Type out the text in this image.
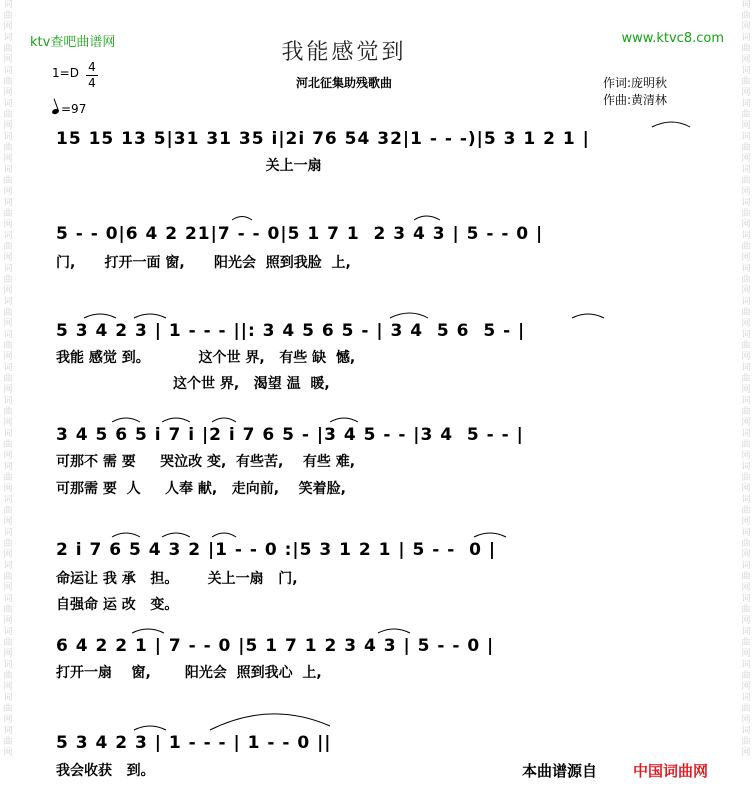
词
曲
网
词
曲
网
词
曲
网
词
曲
网
词
曲
网
词
曲
网
词
曲
网
词
曲
网
词
曲
网
词
曲
网
词
曲
网
词
曲
网
词
曲
网
词
曲
网
词
曲
网
词
曲
网
词
曲
网
词
曲
网
词
曲
网
词
曲
网
词
曲
网
词
曲
网
词
曲
网
词
曲
网
词
曲
网
词
曲
网
词
曲
网
词
曲
网
词
曲
网
词
曲
网
词
曲
网
词
曲
网
词
曲
网
词
曲
网
词
曲
网
词
曲
网
词
曲
网
词
曲
网
词
曲
网
词
曲
网
词
曲
网
词
曲
网
词
曲
网
词
曲
网
词
曲
网
词
曲
网
ktv查吧曲谱网	www.ktvc8.com
我能感觉到
河北征集助残歌曲
1=D 4
4
=97
作词:庞明秋
作曲:黄清林
15 15 13 5|31 31 35 i|2i 76 54 32|1 - - -)|5 3 1 2 1 |
关上一扇
5 - - 0|6 4 2 21|7 - - 0|5 1 7 1  2 3 4 3 | 5 - - 0 |
门,      打开一面 窗,      阳光会  照到我脸  上,
5 3 4 2 3 | 1 - - - ||: 3 4 5 6 5 - | 3 4  5 6  5 - |
我能 感觉 到。          这个世 界,   有些 缺  憾,
这个世 界,   渴望 温  暖,
3 4 5 6 5 i 7 i |2 i 7 6 5 - |3 4 5 - - |3 4  5 - - |
可那不 需 要     哭泣改 变,  有些苦,    有些 难,
可那需 要  人     人奉 献,   走向前,    笑着脸,
2 i 7 6 5 4 3 2 |1 - - 0 :|5 3 1 2 1 | 5 - -  0 |
命运让 我 承   担。      关上一扇   门,
自强命 运 改   变。
6 4 2 2 1 | 7 - - 0 |5 1 7 1 2 3 4 3 | 5 - - 0 |
打开一扇    窗,       阳光会  照到我心  上,
5 3 4 2 3 | 1 - - - | 1 - - 0 ||
我会收获   到。	本曲谱源自 中国词曲网
